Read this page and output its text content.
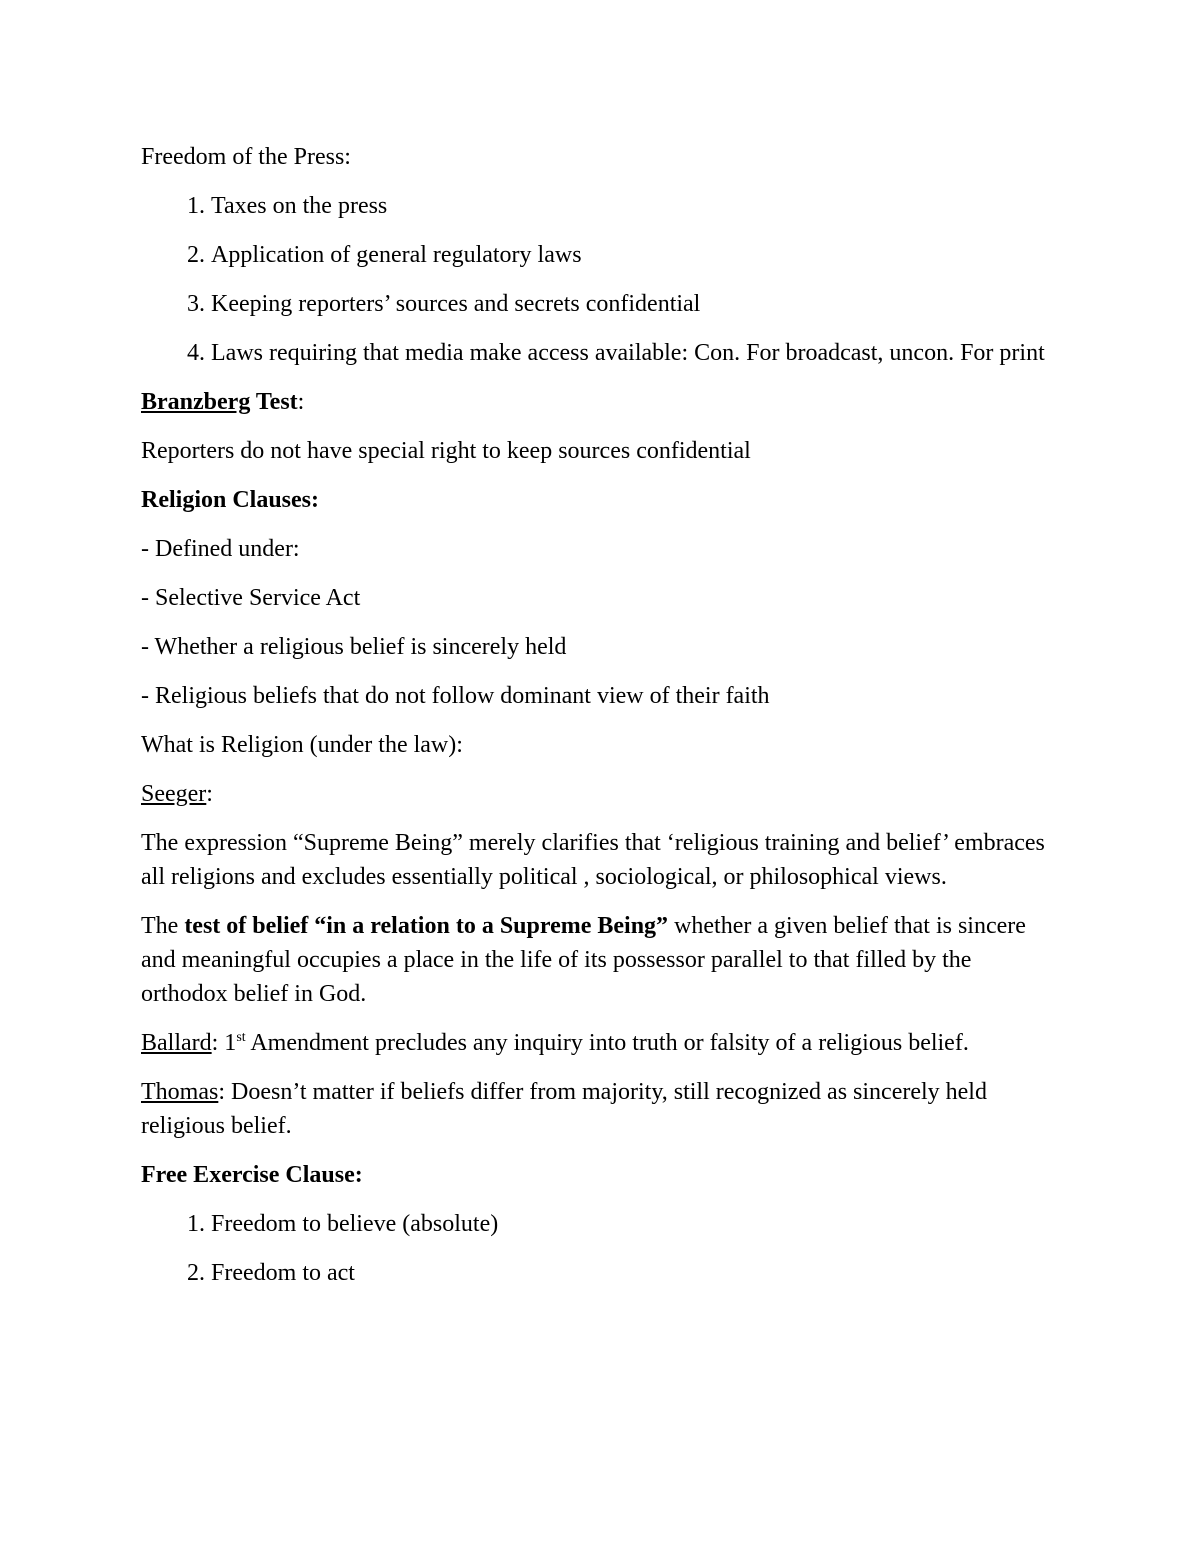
Freedom of the Press:

1. Taxes on the press
2. Application of general regulatory laws
3. Keeping reporters’ sources and secrets confidential
4. Laws requiring that media make access available: Con. For broadcast, uncon. For print

Branzberg Test:

Reporters do not have special right to keep sources confidential

Religion Clauses:

- Defined under:

- Selective Service Act

- Whether a religious belief is sincerely held

- Religious beliefs that do not follow dominant view of their faith

What is Religion (under the law):

Seeger:

The expression “Supreme Being” merely clarifies that ‘religious training and belief’ embraces all religions and excludes essentially political , sociological, or philosophical views.

The test of belief “in a relation to a Supreme Being” whether a given belief that is sincere and meaningful occupies a place in the life of its possessor parallel to that filled by the orthodox belief in God.

Ballard: 1st Amendment precludes any inquiry into truth or falsity of a religious belief.

Thomas: Doesn’t matter if beliefs differ from majority, still recognized as sincerely held religious belief.

Free Exercise Clause:

1. Freedom to believe (absolute)
2. Freedom to act
